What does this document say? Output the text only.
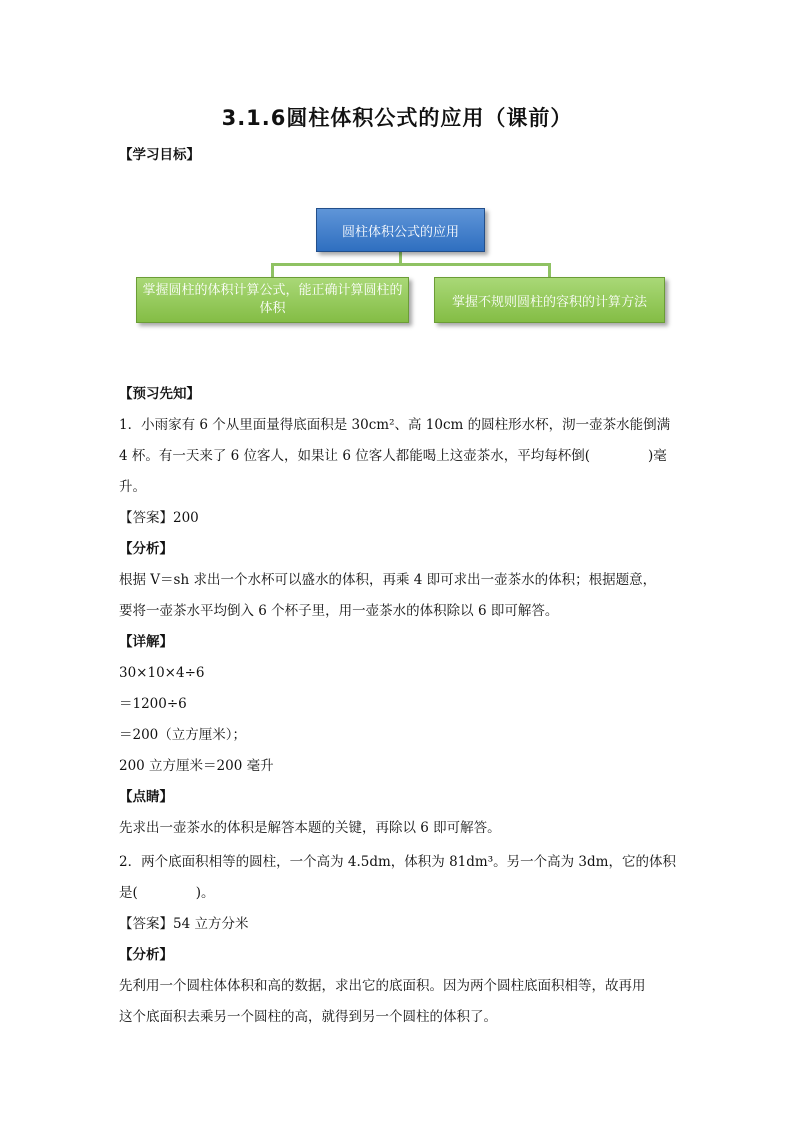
3.1.6圆柱体积公式的应用（课前）
【学习目标】
圆柱体积公式的应用
掌握圆柱的体积计算公式，能正确计算圆柱的体积	掌握不规则圆柱的容积的计算方法
【预习先知】
1．小雨家有 6 个从里面量得底面积是 30cm²、高 10cm 的圆柱形水杯，沏一壶茶水能倒满
4 杯。有一天来了 6 位客人，如果让 6 位客人都能喝上这壶茶水，平均每杯倒(	)毫
升。
【答案】200
【分析】
根据 V＝sh 求出一个水杯可以盛水的体积，再乘 4 即可求出一壶茶水的体积；根据题意，
要将一壶茶水平均倒入 6 个杯子里，用一壶茶水的体积除以 6 即可解答。
【详解】
30×10×4÷6
＝1200÷6
＝200（立方厘米）；
200 立方厘米＝200 毫升
【点睛】
先求出一壶茶水的体积是解答本题的关键，再除以 6 即可解答。
2．两个底面积相等的圆柱，一个高为 4.5dm，体积为 81dm³。另一个高为 3dm，它的体积
是(	)。
【答案】54 立方分米
【分析】
先利用一个圆柱体体积和高的数据，求出它的底面积。因为两个圆柱底面积相等，故再用
这个底面积去乘另一个圆柱的高，就得到另一个圆柱的体积了。
